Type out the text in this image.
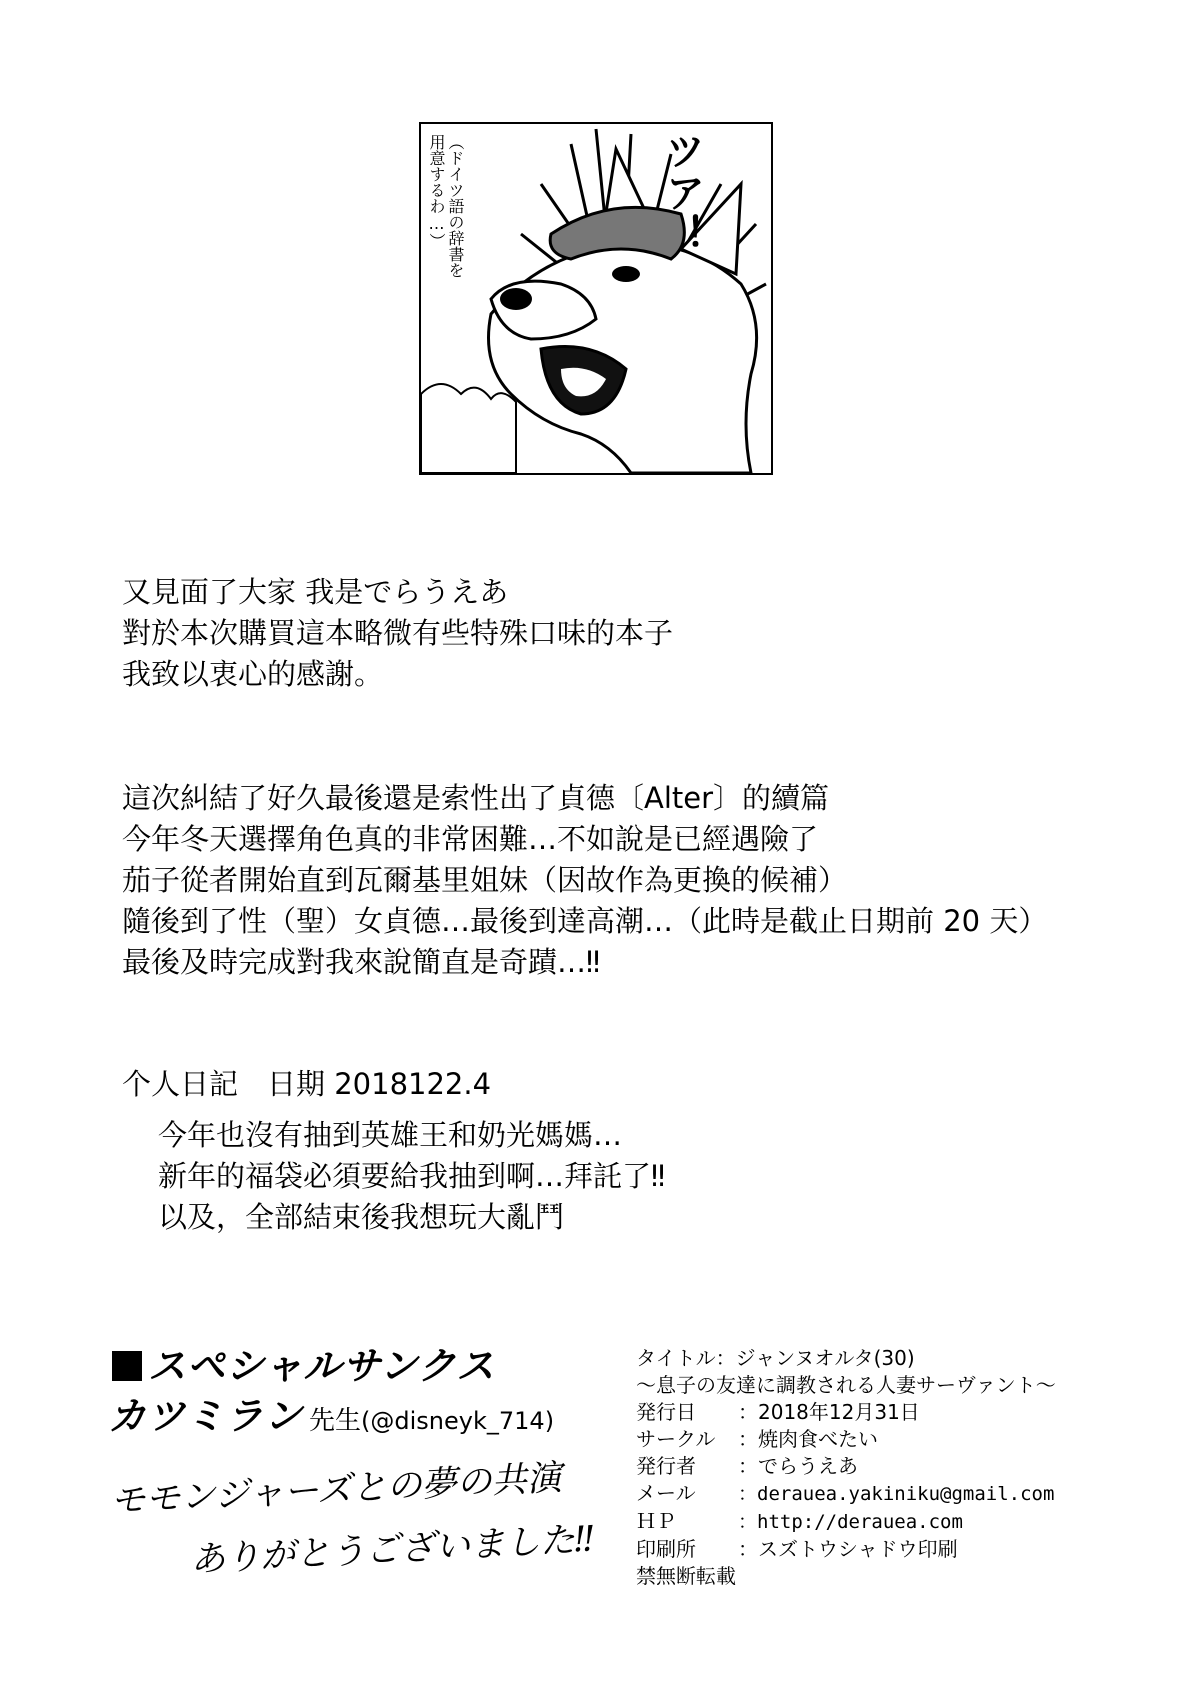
ツア！
（ドイツ語の辞書を
用意するわ…）
又見面了大家 我是でらうえあ
對於本次購買這本略微有些特殊口味的本子
我致以衷心的感謝。
這次糾結了好久最後還是索性出了貞德〔Alter〕的續篇
今年冬天選擇角色真的非常困難…不如說是已經遇險了
茄子從者開始直到瓦爾基里姐妹（因故作為更換的候補）
隨後到了性（聖）女貞德…最後到達高潮…（此時是截止日期前 20 天）
最後及時完成對我來說簡直是奇蹟…‼
个人日記　日期 2018122.4
今年也沒有抽到英雄王和奶光媽媽…
新年的福袋必須要給我抽到啊…拜託了‼
以及，全部結束後我想玩大亂鬥
スペシャルサンクス
カツミラン 先生(@disneyk_714)
モモンジャーズとの夢の共演
ありがとうございました‼
タイトル：ジャンヌオルタ(30)
～息子の友達に調教される人妻サーヴァント～
発行日 ：2018年12月31日
サークル ：焼肉食べたい
発行者 ：でらうえあ
メール ：deraueа.yakiniku@gmail.com
ＨＰ	：http://derauea.com
印刷所 ：スズトウシャドウ印刷
禁無断転載
